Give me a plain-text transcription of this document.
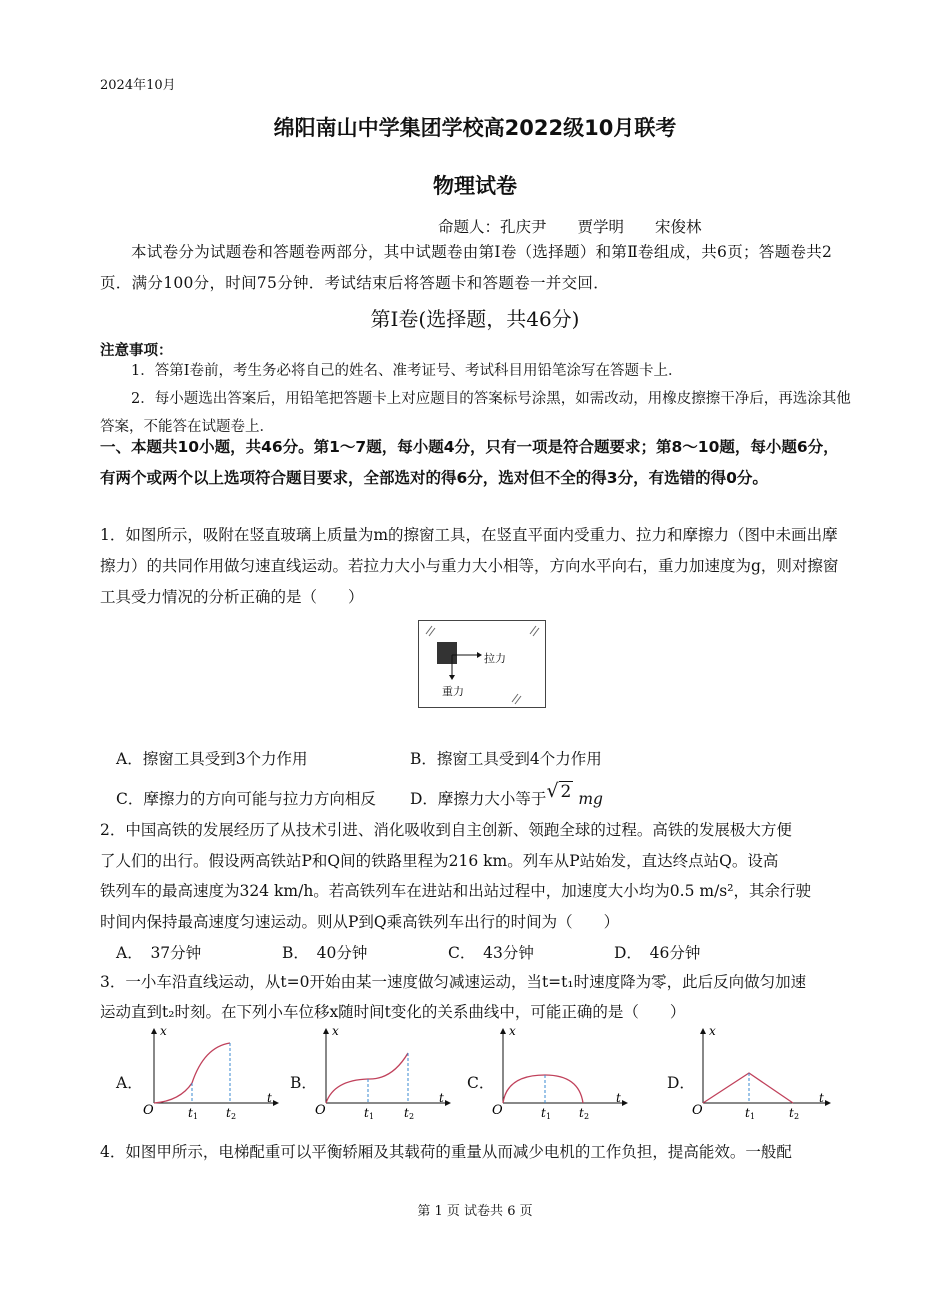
2024年10月
绵阳南山中学集团学校高2022级10月联考
物理试卷
命题人：孔庆尹　　贾学明　　宋俊林
本试卷分为试题卷和答题卷两部分，其中试题卷由第Ⅰ卷（选择题）和第Ⅱ卷组成，共6页；答题卷共2页．满分100分，时间75分钟．考试结束后将答题卡和答题卷一并交回．
第Ⅰ卷(选择题，共46分)
注意事项：
1．答第Ⅰ卷前，考生务必将自己的姓名、准考证号、考试科目用铅笔涂写在答题卡上．
2．每小题选出答案后，用铅笔把答题卡上对应题目的答案标号涂黑，如需改动，用橡皮擦擦干净后，再选涂其他答案，不能答在试题卷上．
一、本题共10小题，共46分。第1～7题，每小题4分，只有一项是符合题要求；第8～10题，每小题6分，有两个或两个以上选项符合题目要求，全部选对的得6分，选对但不全的得3分，有选错的得0分。
1．如图所示，吸附在竖直玻璃上质量为m的擦窗工具，在竖直平面内受重力、拉力和摩擦力（图中未画出摩擦力）的共同作用做匀速直线运动。若拉力大小与重力大小相等，方向水平向右，重力加速度为g，则对擦窗工具受力情况的分析正确的是（　　）
拉力
重力
A．擦窗工具受到3个力作用	B．擦窗工具受到4个力作用
C．摩擦力的方向可能与拉力方向相反 D．摩擦力大小等于√ 2 mg
2．中国高铁的发展经历了从技术引进、消化吸收到自主创新、领跑全球的过程。高铁的发展极大方便
了人们的出行。假设两高铁站P和Q间的铁路里程为216 km。列车从P站始发，直达终点站Q。设高
铁列车的最高速度为324 km/h。若高铁列车在进站和出站过程中，加速度大小均为0.5 m/s²，其余行驶
时间内保持最高速度匀速运动。则从P到Q乘高铁列车出行的时间为（　　）
A．　37分钟	B．　40分钟	C．　43分钟	D．　46分钟
3．一小车沿直线运动，从t=0开始由某一速度做匀减速运动，当t=t₁时速度降为零，此后反向做匀加速
运动直到t₂时刻。在下列小车位移x随时间t变化的关系曲线中，可能正确的是（　　）
A．	B．	C．	D．
x
t
O	t 1 t 2
x
t
O	t 1 t 2
x
t
O	t 1 t 2
x
t
O	t 1	t 2
4．如图甲所示，电梯配重可以平衡轿厢及其载荷的重量从而减少电机的工作负担，提高能效。一般配
第 1 页 试卷共 6 页
